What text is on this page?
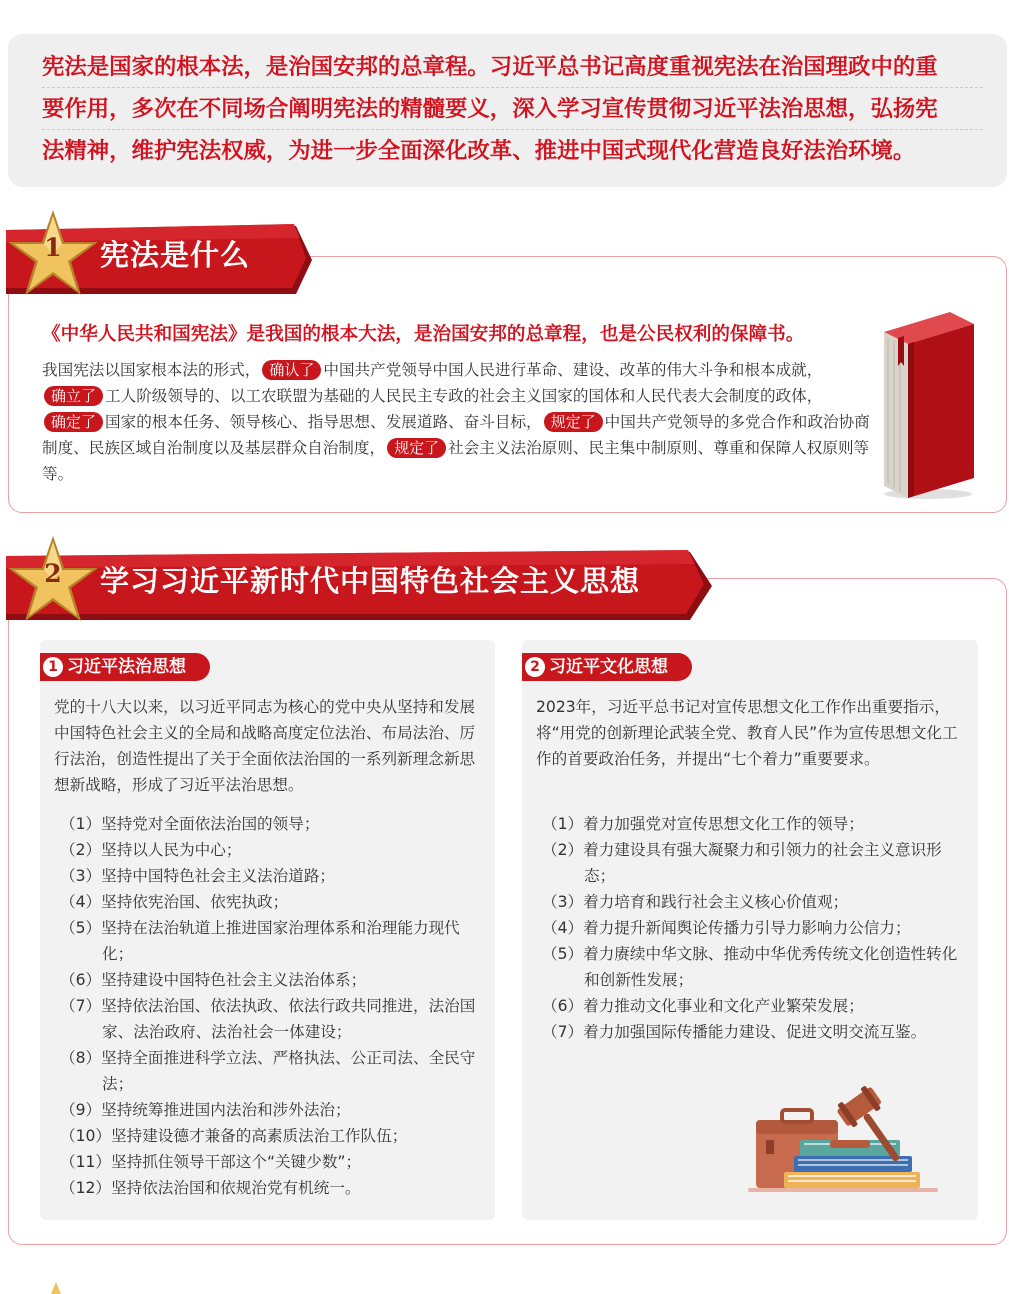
宪法是国家的根本法，是治国安邦的总章程。习近平总书记高度重视宪法在治国理政中的重
要作用，多次在不同场合阐明宪法的精髓要义，深入学习宣传贯彻习近平法治思想，弘扬宪
法精神，维护宪法权威，为进一步全面深化改革、推进中国式现代化营造良好法治环境。
1 宪法是什么
《中华人民共和国宪法》是我国的根本大法，是治国安邦的总章程，也是公民权利的保障书。
我国宪法以国家根本法的形式， 确认了 中国共产党领导中国人民进行革命、建设、改革的伟大斗争和根本成就，确立了 工人阶级领导的、以工农联盟为基础的人民民主专政的社会主义国家的国体和人民代表大会制度的政体，确定了 国家的根本任务、领导核心、指导思想、发展道路、奋斗目标， 规定了 中国共产党领导的多党合作和政治协商制度、民族区域自治制度以及基层群众自治制度， 规定了 社会主义法治原则、民主集中制原则、尊重和保障人权原则等等。
2 学习习近平新时代中国特色社会主义思想
1 习近平法治思想
党的十八大以来，以习近平同志为核心的党中央从坚持和发展中国特色社会主义的全局和战略高度定位法治、布局法治、厉行法治，创造性提出了关于全面依法治国的一系列新理念新思想新战略，形成了习近平法治思想。
（1）坚持党对全面依法治国的领导；
（2）坚持以人民为中心；
（3）坚持中国特色社会主义法治道路；
（4）坚持依宪治国、依宪执政；
（5）坚持在法治轨道上推进国家治理体系和治理能力现代化；
（6）坚持建设中国特色社会主义法治体系；
（7）坚持依法治国、依法执政、依法行政共同推进，法治国家、法治政府、法治社会一体建设；
（8）坚持全面推进科学立法、严格执法、公正司法、全民守法；
（9）坚持统筹推进国内法治和涉外法治；
（10）坚持建设德才兼备的高素质法治工作队伍；
（11）坚持抓住领导干部这个“关键少数”；
（12）坚持依法治国和依规治党有机统一。
2 习近平文化思想
2023年，习近平总书记对宣传思想文化工作作出重要指示，将“用党的创新理论武装全党、教育人民”作为宣传思想文化工作的首要政治任务，并提出“七个着力”重要要求。
（1）着力加强党对宣传思想文化工作的领导；
（2）着力建设具有强大凝聚力和引领力的社会主义意识形态；
（3）着力培育和践行社会主义核心价值观；
（4）着力提升新闻舆论传播力引导力影响力公信力；
（5）着力赓续中华文脉、推动中华优秀传统文化创造性转化和创新性发展；
（6）着力推动文化事业和文化产业繁荣发展；
（7）着力加强国际传播能力建设、促进文明交流互鉴。
